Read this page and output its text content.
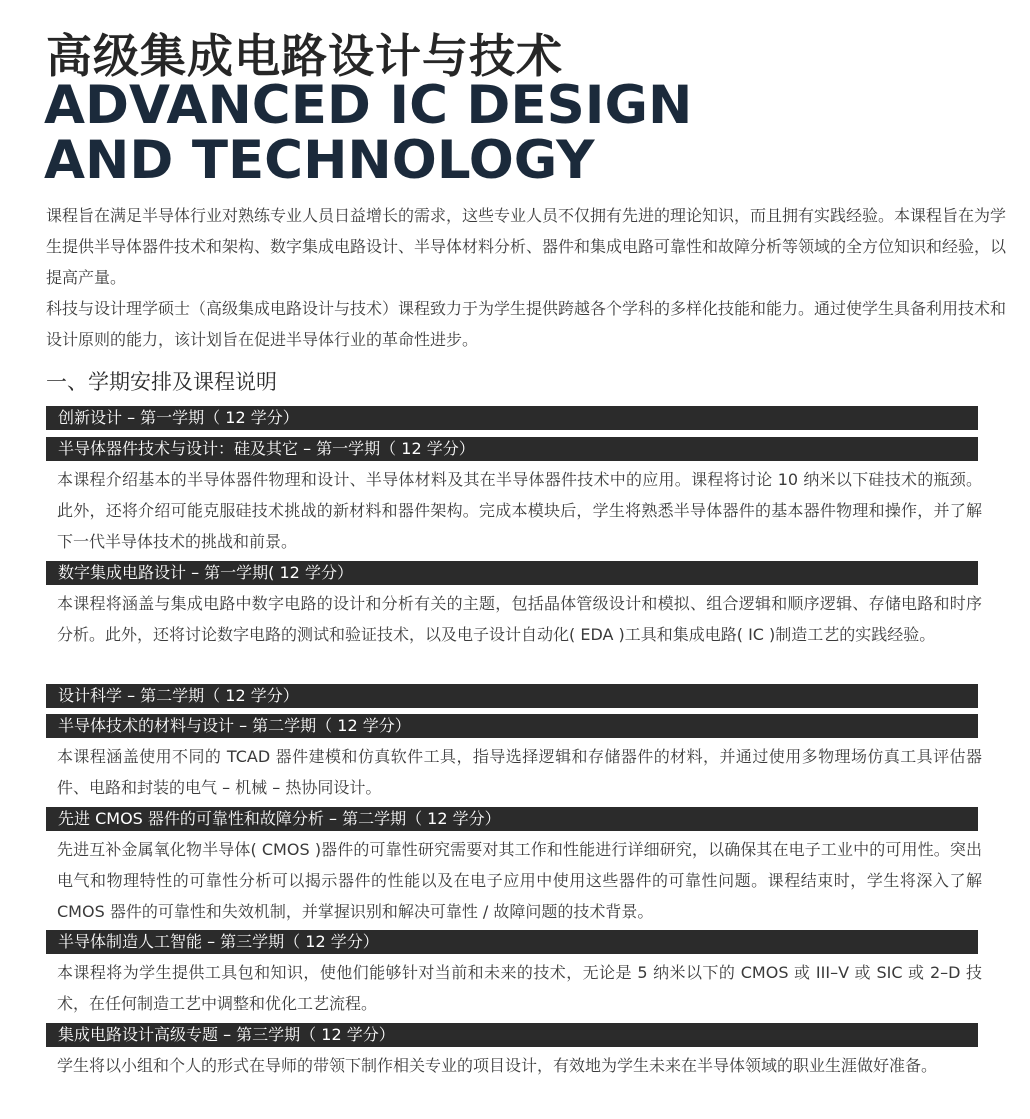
高级集成电路设计与技术
ADVANCED IC DESIGN
AND TECHNOLOGY
课程旨在满足半导体行业对熟练专业人员日益增长的需求，这些专业人员不仅拥有先进的理论知识，而且拥有实践经验。本课程旨在为学生提供半导体器件技术和架构、数字集成电路设计、半导体材料分析、器件和集成电路可靠性和故障分析等领域的全方位知识和经验，以提高产量。
科技与设计理学硕士（高级集成电路设计与技术）课程致力于为学生提供跨越各个学科的多样化技能和能力。通过使学生具备利用技术和设计原则的能力，该计划旨在促进半导体行业的革命性进步。
一、学期安排及课程说明
创新设计 – 第一学期（ 12 学分）
半导体器件技术与设计：硅及其它 – 第一学期（ 12 学分）
本课程介绍基本的半导体器件物理和设计、半导体材料及其在半导体器件技术中的应用。课程将讨论 10 纳米以下硅技术的瓶颈。此外，还将介绍可能克服硅技术挑战的新材料和器件架构。完成本模块后，学生将熟悉半导体器件的基本器件物理和操作，并了解下一代半导体技术的挑战和前景。
数字集成电路设计 – 第一学期( 12 学分）
本课程将涵盖与集成电路中数字电路的设计和分析有关的主题，包括晶体管级设计和模拟、组合逻辑和顺序逻辑、存储电路和时序分析。此外，还将讨论数字电路的测试和验证技术，以及电子设计自动化( EDA )工具和集成电路( IC )制造工艺的实践经验。
设计科学 – 第二学期（ 12 学分）
半导体技术的材料与设计 – 第二学期（ 12 学分）
本课程涵盖使用不同的 TCAD 器件建模和仿真软件工具，指导选择逻辑和存储器件的材料，并通过使用多物理场仿真工具评估器件、电路和封装的电气 – 机械 – 热协同设计。
先进 CMOS 器件的可靠性和故障分析 – 第二学期（ 12 学分）
先进互补金属氧化物半导体( CMOS )器件的可靠性研究需要对其工作和性能进行详细研究，以确保其在电子工业中的可用性。突出电气和物理特性的可靠性分析可以揭示器件的性能以及在电子应用中使用这些器件的可靠性问题。课程结束时，学生将深入了解 CMOS 器件的可靠性和失效机制，并掌握识别和解决可靠性 / 故障问题的技术背景。
半导体制造人工智能 – 第三学期（ 12 学分）
本课程将为学生提供工具包和知识，使他们能够针对当前和未来的技术，无论是 5 纳米以下的 CMOS 或 III–V 或 SIC 或 2–D 技术，在任何制造工艺中调整和优化工艺流程。
集成电路设计高级专题 – 第三学期（ 12 学分）
学生将以小组和个人的形式在导师的带领下制作相关专业的项目设计，有效地为学生未来在半导体领域的职业生涯做好准备。
